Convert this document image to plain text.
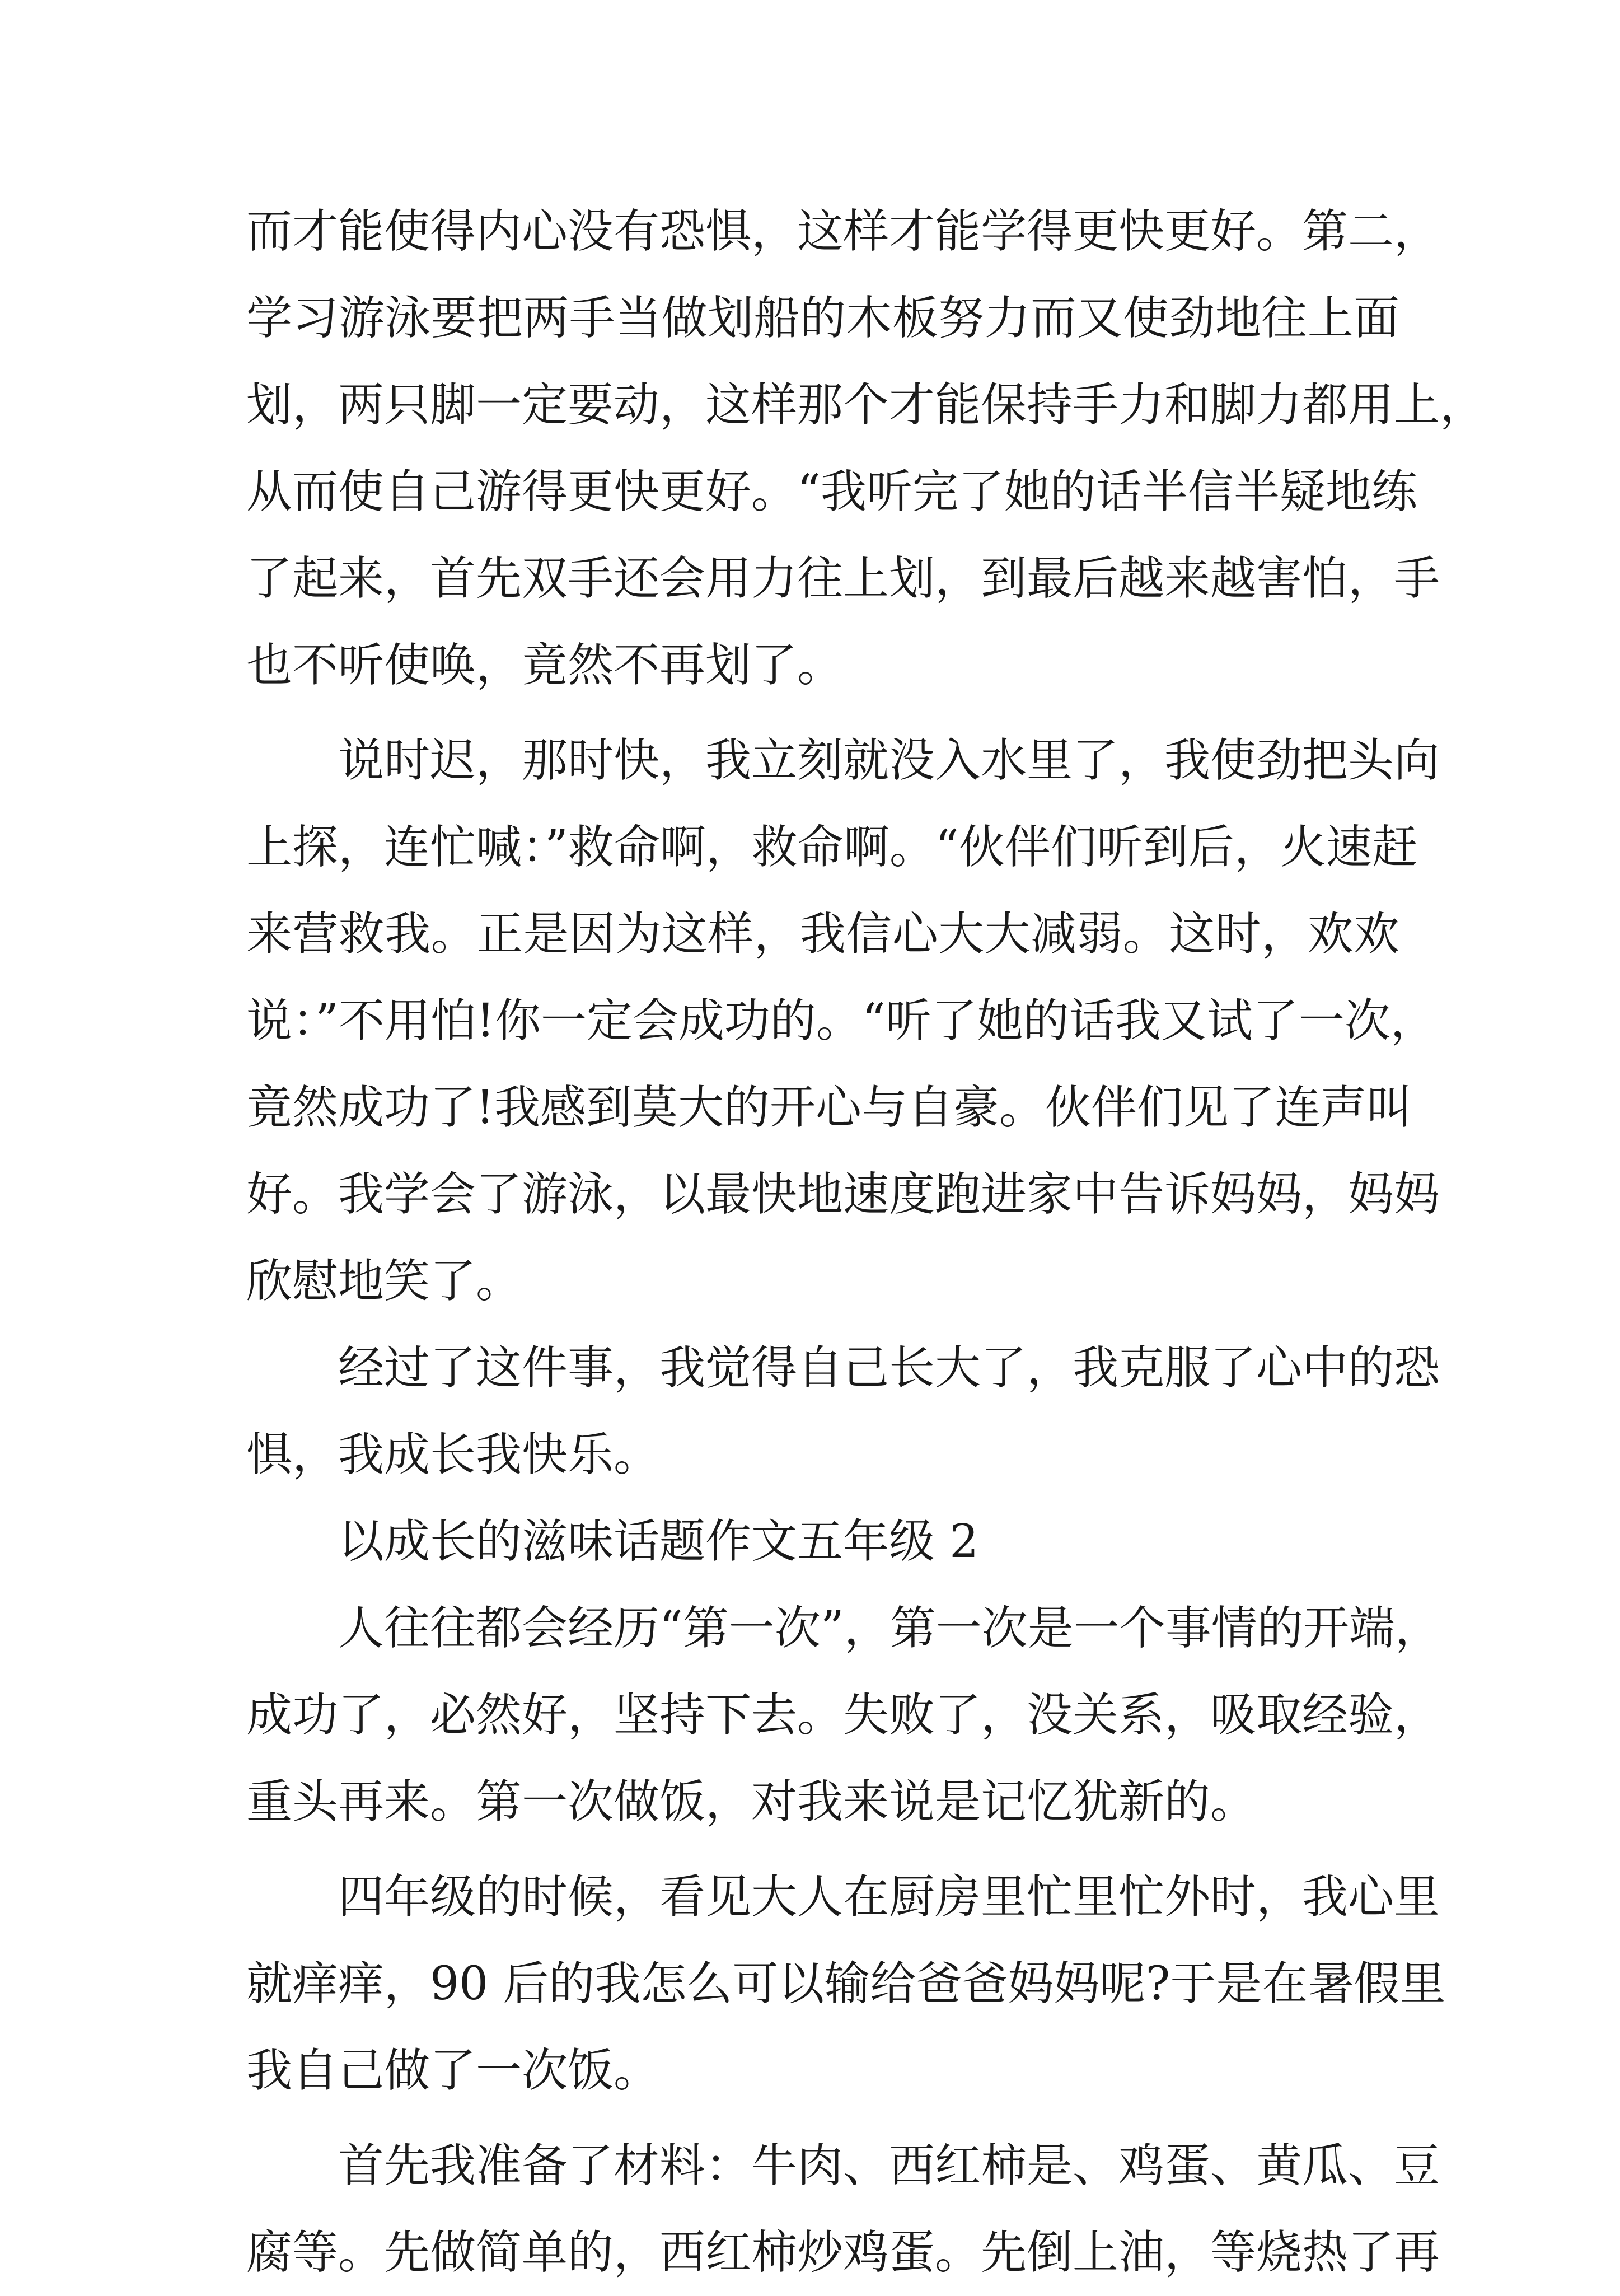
而才能使得内心没有恐惧，这样才能学得更快更好。第二，
学习游泳要把两手当做划船的木板努力而又使劲地往上面
划，两只脚一定要动，这样那个才能保持手力和脚力都用上，
从而使自己游得更快更好。“我听完了她的话半信半疑地练
了起来，首先双手还会用力往上划，到最后越来越害怕，手
也不听使唤，竟然不再划了。
说时迟，那时快，我立刻就没入水里了，我使劲把头向
上探，连忙喊：”救命啊，救命啊。“伙伴们听到后，火速赶
来营救我。正是因为这样，我信心大大减弱。这时，欢欢
说：”不用怕!你一定会成功的。“听了她的话我又试了一次，
竟然成功了!我感到莫大的开心与自豪。伙伴们见了连声叫
好。我学会了游泳，以最快地速度跑进家中告诉妈妈，妈妈
欣慰地笑了。
经过了这件事，我觉得自己长大了，我克服了心中的恐
惧，我成长我快乐。
以成长的滋味话题作文五年级 2
人往往都会经历“第一次”，第一次是一个事情的开端，
成功了，必然好，坚持下去。失败了，没关系，吸取经验，
重头再来。第一次做饭，对我来说是记忆犹新的。
四年级的时候，看见大人在厨房里忙里忙外时，我心里
就痒痒，90 后的我怎么可以输给爸爸妈妈呢?于是在暑假里
我自己做了一次饭。
首先我准备了材料：牛肉、西红柿是、鸡蛋、黄瓜、豆
腐等。先做简单的，西红柿炒鸡蛋。先倒上油，等烧热了再
